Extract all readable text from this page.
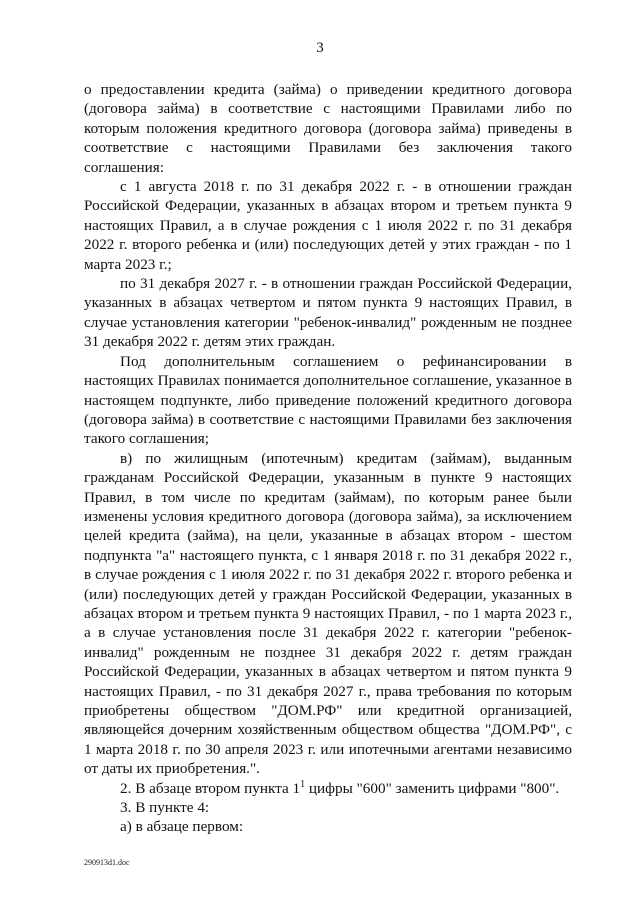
3

о предоставлении кредита (займа) о приведении кредитного договора (договора займа) в соответствие с настоящими Правилами либо по которым положения кредитного договора (договора займа) приведены в соответствие с настоящими Правилами без заключения такого соглашения:

с 1 августа 2018 г. по 31 декабря 2022 г. - в отношении граждан Российской Федерации, указанных в абзацах втором и третьем пункта 9 настоящих Правил, а в случае рождения с 1 июля 2022 г. по 31 декабря 2022 г. второго ребенка и (или) последующих детей у этих граждан - по 1 марта 2023 г.;

по 31 декабря 2027 г. - в отношении граждан Российской Федерации, указанных в абзацах четвертом и пятом пункта 9 настоящих Правил, в случае установления категории "ребенок-инвалид" рожденным не позднее 31 декабря 2022 г. детям этих граждан.

Под дополнительным соглашением о рефинансировании в настоящих Правилах понимается дополнительное соглашение, указанное в настоящем подпункте, либо приведение положений кредитного договора (договора займа) в соответствие с настоящими Правилами без заключения такого соглашения;

в) по жилищным (ипотечным) кредитам (займам), выданным гражданам Российской Федерации, указанным в пункте 9 настоящих Правил, в том числе по кредитам (займам), по которым ранее были изменены условия кредитного договора (договора займа), за исключением целей кредита (займа), на цели, указанные в абзацах втором - шестом подпункта "а" настоящего пункта, с 1 января 2018 г. по 31 декабря 2022 г., в случае рождения с 1 июля 2022 г. по 31 декабря 2022 г. второго ребенка и (или) последующих детей у граждан Российской Федерации, указанных в абзацах втором и третьем пункта 9 настоящих Правил, - по 1 марта 2023 г., а в случае установления после 31 декабря 2022 г. категории "ребенок-инвалид" рожденным не позднее 31 декабря 2022 г. детям граждан Российской Федерации, указанных в абзацах четвертом и пятом пункта 9 настоящих Правил, - по 31 декабря 2027 г., права требования по которым приобретены обществом "ДОМ.РФ" или кредитной организацией, являющейся дочерним хозяйственным обществом общества "ДОМ.РФ", с 1 марта 2018 г. по 30 апреля 2023 г. или ипотечными агентами независимо от даты их приобретения.".

2. В абзаце втором пункта $1^1$ цифры "600" заменить цифрами "800".

3. В пункте 4:

а) в абзаце первом:

290913d1.doc
